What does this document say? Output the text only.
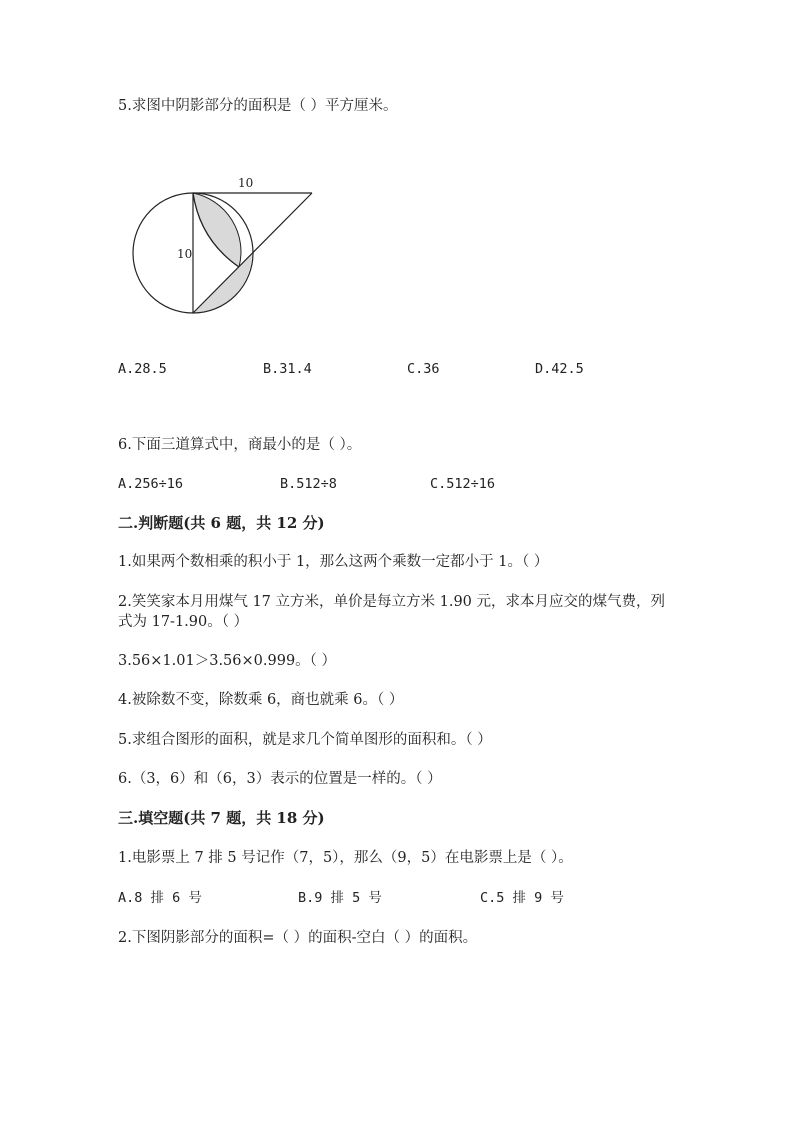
5.求图中阴影部分的面积是（ ）平方厘米。
10
10
A.28.5	B.31.4	C.36	D.42.5
6.下面三道算式中，商最小的是（ ）。
A.256÷16	B.512÷8	C.512÷16
二.判断题(共 6 题，共 12 分)
1.如果两个数相乘的积小于 1，那么这两个乘数一定都小于 1。（ ）
2.笑笑家本月用煤气 17 立方米，单价是每立方米 1.90 元，求本月应交的煤气费，列式为 17-1.90。（ ）
3.56×1.01＞3.56×0.999。（ ）
4.被除数不变，除数乘 6，商也就乘 6。（ ）
5.求组合图形的面积，就是求几个简单图形的面积和。（ ）
6.（3，6）和（6，3）表示的位置是一样的。（ ）
三.填空题(共 7 题，共 18 分)
1.电影票上 7 排 5 号记作（7，5），那么（9，5）在电影票上是（ ）。
A.8 排 6 号	B.9 排 5 号	C.5 排 9 号
2.下图阴影部分的面积=（ ）的面积-空白（ ）的面积。
